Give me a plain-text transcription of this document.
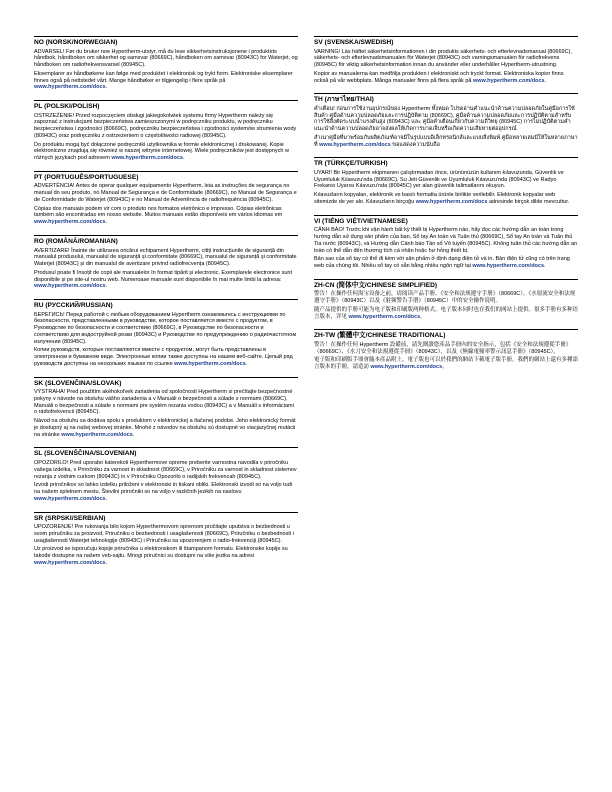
NO (NORSK/NORWEGIAN)

ADVARSEL! Før du bruker noe Hypertherm-utstyr, må du lese sikkerhetsinstruksjonene i produktets håndbok, håndboken om sikkerhet og samsvar (80669C), håndboken om samsvar (80943C) for Waterjet, og håndboken om radiofrekvensvarsel (80945C).

Eksemplarer av håndbøkene kan følge med produktet i elektronisk og trykt form. Elektroniske eksemplarer finnes også på nettstedet vårt. Mange håndbøker er tilgjengelig i flere språk på www.hypertherm.com/docs.

PL (POLSKI/POLISH)

OSTRZEŻENIE! Przed rozpoczęciem obsługi jakiegokolwiek systemu firmy Hypertherm należy się zapoznać z instrukcjami bezpieczeństwa zamieszczonymi w podręczniku produktu, w podręczniku bezpieczeństwa i zgodności (80669C), podręczniku bezpieczeństwa i zgodności systemów strumienia wody (80943C) oraz podręczniku z ostrzeżeniem o częstotliwości radiowej (80945C).

Do produktu mogą być dołączone podręczniki użytkownika w formie elektronicznej i drukowanej. Kopie elektroniczne znajdują się również w naszej witrynie internetowej. Wiele podręczników jest dostępnych w różnych językach pod adresem www.hypertherm.com/docs.

PT (PORTUGUÊS/PORTUGUESE)

ADVERTÊNCIA! Antes de operar qualquer equipamento Hypertherm, leia as instruções de segurança no manual do seu produto, no Manual de Segurança e de Conformidade (80669C), no Manual de Segurança e de Conformidade do Waterjet (80943C) e no Manual de Advertência de radiofrequência (80945C).

Cópias dos manuais podem vir com o produto nos formatos eletrônico e impresso. Cópias eletrônicas também são encontradas em nosso website. Muitos manuais estão disponíveis em vários idiomas em www.hypertherm.com/docs.

RO (ROMÂNĂ/ROMANIAN)

AVERTIZARE! Înainte de utilizarea oricărui echipament Hypertherm, citiți instrucțiunile de siguranță din manualul produsului, manualul de siguranță și conformitate (80669C), manualul de siguranță și conformitate Waterjet (80943C) și din manualul de avertizare privind radiofrecvența (80945C).

Produsul poate fi însoțit de copii ale manualelor în format tipărit și electronic. Exemplarele electronice sunt disponibile și pe site-ul nostru web. Numeroase manuale sunt disponibile în mai multe limbi la adresa: www.hypertherm.com/docs.

RU (РУССКИЙ/RUSSIAN)

БЕРЕГИСЬ! Перед работой с любым оборудованием Hypertherm ознакомьтесь с инструкциями по безопасности, представленными в руководстве, которое поставляется вместе с продуктом, в Руководстве по безопасности и соответствию (80669C), в Руководстве по безопасности и соответствию для водоструйной резки (80943C) и Руководстве по предупреждению о радиочастотном излучении (80945C).

Копии руководств, которые поставляются вместе с продуктом, могут быть представлены в электронном и бумажном виде. Электронные копии также доступны на нашем веб-сайте. Целый ряд руководств доступны на нескольких языках по ссылке www.hypertherm.com/docs.

SK (SLOVENČINA/SLOVAK)

VÝSTRAHA! Pred použitím akéhokoľvek zariadenia od spoločnosti Hypertherm si prečítajte bezpečnostné pokyny v návode na obsluhu vášho zariadenia a v Manuáli o bezpečnosti a súlade s normami (80669C), Manuáli o bezpečnosti a súlade s normami pre systém rezania vodou (80943C) a v Manuáli s informáciami o rádiofrekvencii (80945C).

Návod na obsluhu sa dodáva spolu s produktom v elektronickej a tlačenej podobe. Jeho elektronický formát je dostupný aj na našej webovej stránke. Mnohé z návodov na obsluhu sú dostupné vo viacjazyčnej mutácii na stránke www.hypertherm.com/docs.

SL (SLOVENŠČINA/SLOVENIAN)

OPOZORILO! Pred uporabo katerekoli Hyperthermove opreme preberite varnostna navodila v priročniku vašega izdelka, v Priročniku za varnost in skladnost (80669C), v Priročniku za varnost in skladnost sistemov rezanja z vodnim curkom (80943C) in v Priročniku Opozorilo o radijskih frekvencah (80945C).

Izvodi priročnikov so lahko izdelku priloženi v elektronski in tiskani obliki. Elektronski izvodi so na voljo tudi na našem spletnem mestu. Številni priročniki so na voljo v različnih jezikih na naslovu www.hypertherm.com/docs.

SR (SRPSKI/SERBIAN)

UPOZORENJE! Pre rukovanja bilo kojom Hyperthermovom opremom pročitajte uputstva o bezbednosti u svom priručniku za proizvod, Priručniku o bezbednosti i usaglašenosti (80669C), Priručniku o bezbednosti i usaglašenosti Waterjet tehnologije (80943C) i Priručniku sa upozorenjem o radio-frekvenciji (80945C).

Uz proizvod se isporučuju kopije priručnika u elektronskom ili štampanom formatu. Elektronske kopije su takođe dostupne na našem veb-sajtu. Mnogi priručnici su dostupni na više jezika na adresi www.hypertherm.com/docs.

SV (SVENSKA/SWEDISH)

VARNING! Läs häftet säkerhetsinformationen i din produkts säkerhets- och efterlevnadsmanual (80669C), säkerhets- och efterlevnadsmanualen för Waterjet (80943C) och varningsmanualen för radiofrekvens (80945C) för viktig säkerhetsinformation innan du använder eller underhåller Hypertherm-utrustning.

Kopior av manualerna kan medfölja produkten i elektroniskt och tryckt format. Elektroniska kopior finns också på vår webbplats. Många manualer finns på flera språk på www.hypertherm.com/docs.

TH (ภาษาไทย/THAI)

คำเตือน! ก่อนการใช้งานอุปกรณ์ของ Hypertherm ทั้งหมด โปรดอ่านคำแนะนำด้านความปลอดภัยในคู่มือการใช้สินค้า คู่มือด้านความปลอดภัยและการปฏิบัติตาม (80669C), คู่มือด้านความปลอดภัยและการปฏิบัติตามสำหรับการใช้สิ่งตัดระบบน้ำแรงดันสูง (80943C) และ คู่มือคำเตือนเกี่ยวกับความถี่วิทยุ (80945C) การไม่ปฏิบัติตามคำแนะนำด้านความปลอดภัยอาจส่งผลให้เกิดการบาดเจ็บหรือเกิดความเสียหายต่ออุปกรณ์

สำเนาคู่มือที่มาพร้อมกับผลิตภัณฑ์อาจมีในรูปแบบอิเล็กทรอนิกส์และแบบสิ่งพิมพ์ คู่มือหลายเล่มมีให้ในหลายภาษาที่ www.hypertherm.com/docs ขอแสดงความนับถือ

TR (TÜRKÇE/TURKISH)

UYARI! Bir Hypertherm ekipmanını çalıştırmadan önce, ürününüzün kullanım kılavuzunda, Güvenlik ve Uyumluluk Kılavuzu'nda (80669C), Su Jeti Güvenlik ve Uyumluluk Kılavuzu'nda (80943C) ve Radyo Frekansı Uyarısı Kılavuzu'nda (80945C) yer alan güvenlik talimatlarını okuyun.

Kılavuzların kopyaları, elektronik ve basılı formatta ürünle birlikte verilebilir. Elektronik kopyalar web sitemizde de yer alır. Kılavuzların birçoğu www.hypertherm.com/docs adresinde birçok dilde mevcuttur.

VI (TIẾNG VIỆT/VIETNAMESE)

CẢNH BÁO! Trước khi vận hành bất kỳ thiết bị Hypertherm nào, hãy đọc các hướng dẫn an toàn trong hướng dẫn sử dụng sản phẩm của bạn, Sổ tay An toàn và Tuân thủ (80669C), Sổ tay An toàn và Tuân thủ Tia nước (80943C), và Hướng dẫn Cảnh báo Tần số Vô tuyến (80945C). Không tuân thủ các hướng dẫn an toàn có thể dẫn đến thương tích cá nhân hoặc hư hỏng thiết bị.

Bản sao của sổ tay có thể đi kèm với sản phẩm ở định dạng điện tử và in. Bản điện tử cũng có trên trang web của chúng tôi. Nhiều sổ tay có sẵn bằng nhiều ngôn ngữ tại www.hypertherm.com/docs.

ZH-CN (简体中文/CHINESE SIMPLIFIED)

警告！在操作任何海宝设备之前，请阅读产品手册、《安全和法规遵守手册》（80669C）、《水射流安全和法规遵守手册》（80943C）以及《射频警告手册》（80945C）中的安全操作说明。

随产品提供的手册可能为电子版和印刷版两种格式。电子版本同时也在我们的网站上提供。很多手册有多种语言版本，详见 www.hypertherm.com/docs。

ZH-TW (繁體中文/CHINESE TRADITIONAL)

警告！在操作任何 Hypertherm 設備前，請先閱讀您產品手冊內的安全指示，包括《安全和法規遵從手冊》（80669C）、《水刀安全和法規遵從手冊》（80943C），以及《無線電頻率警示訊息手冊》（80945C）。

電子版和印刷版手冊會隨本產品附上。電子版也可以於我們的網站下載電子版手冊。我們的網站上還有多種語言版本的手冊，請造訪 www.hypertherm.com/docs。
